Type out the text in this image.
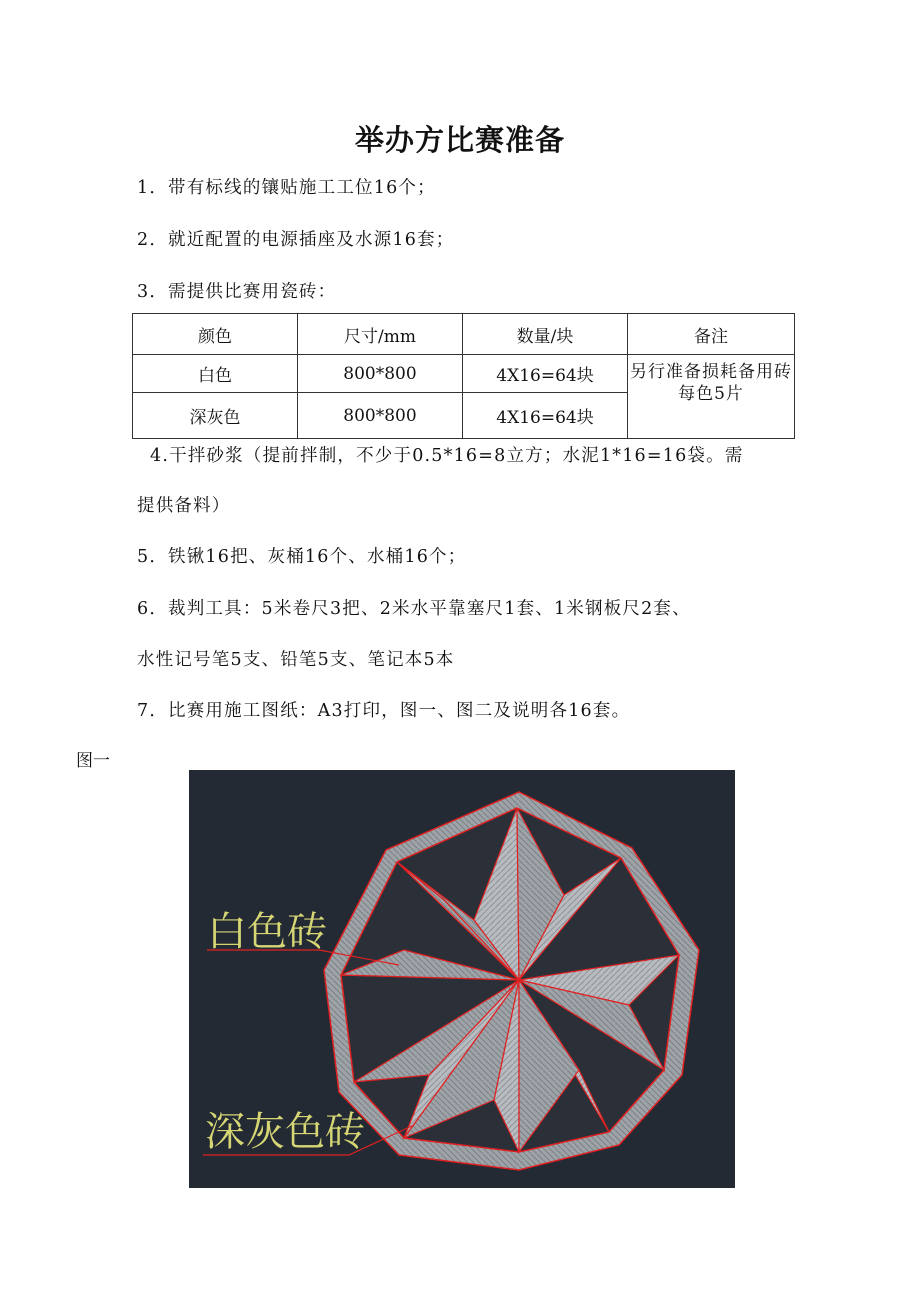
举办方比赛准备
1．带有标线的镶贴施工工位16个；
2．就近配置的电源插座及水源16套；
3．需提供比赛用瓷砖：
颜色	尺寸/mm	数量/块	备注
白色	800*800	4X16=64块	另行准备损耗备用砖每色5片
深灰色	800*800	4X16=64块	
4.干拌砂浆（提前拌制，不少于0.5*16=8立方；水泥1*16=16袋。需
提供备料）
5．铁锹16把、灰桶16个、水桶16个；
6．裁判工具：5米卷尺3把、2米水平靠塞尺1套、1米钢板尺2套、
水性记号笔5支、铅笔5支、笔记本5本
7．比赛用施工图纸：A3打印，图一、图二及说明各16套。
图一
白色砖
深灰色砖
